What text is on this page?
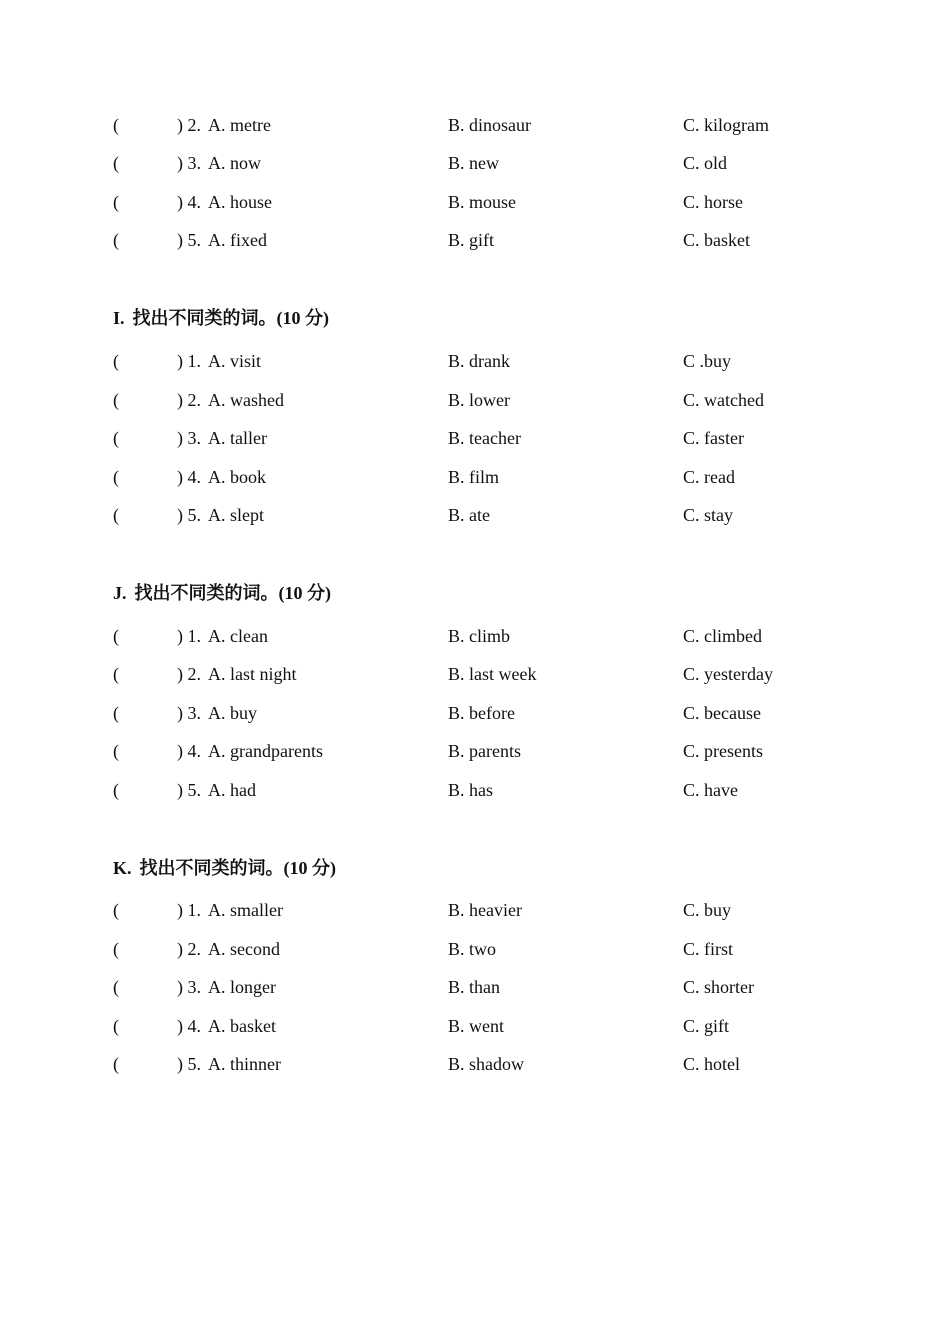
(	) 2. A. metre	B. dinosaur	C. kilogram
(	) 3. A. now	B. new	C. old
(	) 4. A. house	B. mouse	C. horse
(	) 5. A. fixed	B. gift	C. basket
I. 找出不同类的词。(10 分)
(	) 1. A. visit	B. drank	C .buy
(	) 2. A. washed	B. lower	C. watched
(	) 3. A. taller	B. teacher	C. faster
(	) 4. A. book	B. film	C. read
(	) 5. A. slept	B. ate	C. stay
J. 找出不同类的词。(10 分)
(	) 1. A. clean	B. climb	C. climbed
(	) 2. A. last night	B. last week	C. yesterday
(	) 3. A. buy	B. before	C. because
(	) 4. A. grandparents	B. parents	C. presents
(	) 5. A. had	B. has	C. have
K. 找出不同类的词。(10 分)
(	) 1. A. smaller	B. heavier	C. buy
(	) 2. A. second	B. two	C. first
(	) 3. A. longer	B. than	C. shorter
(	) 4. A. basket	B. went	C. gift
(	) 5. A. thinner	B. shadow	C. hotel
